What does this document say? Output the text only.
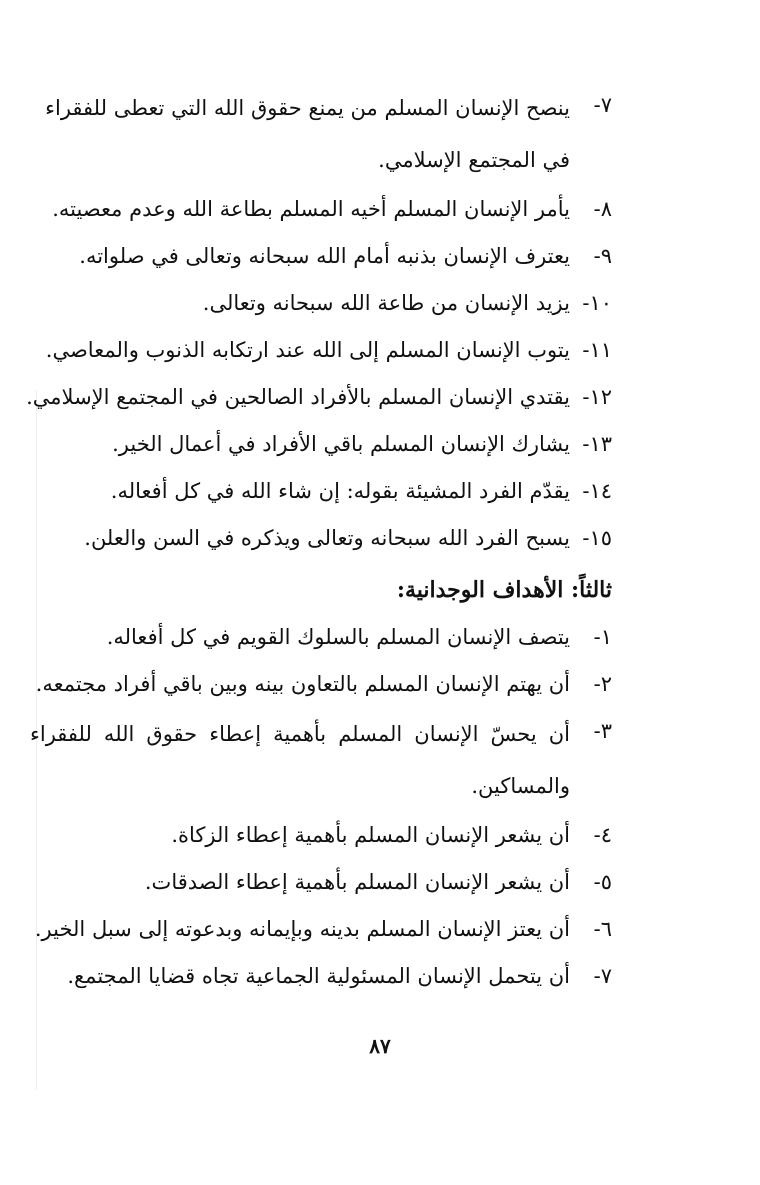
٧-
ينصح الإنسان المسلم من يمنع حقوق الله التي تعطى للفقراء في المجتمع الإسلامي.
٨-
يأمر الإنسان المسلم أخيه المسلم بطاعة الله وعدم معصيته.
٩-
يعترف الإنسان بذنبه أمام الله سبحانه وتعالى في صلواته.
١٠-
يزيد الإنسان من طاعة الله سبحانه وتعالى.
١١-
يتوب الإنسان المسلم إلى الله عند ارتكابه الذنوب والمعاصي.
١٢-
يقتدي الإنسان المسلم بالأفراد الصالحين في المجتمع الإسلامي.
١٣-
يشارك الإنسان المسلم باقي الأفراد في أعمال الخير.
١٤-
يقدّم الفرد المشيئة بقوله: إن شاء الله في كل أفعاله.
١٥-
يسبح الفرد الله سبحانه وتعالى ويذكره في السن والعلن.
ثالثاً: الأهداف الوجدانية:
١-
يتصف الإنسان المسلم بالسلوك القويم في كل أفعاله.
٢-
أن يهتم الإنسان المسلم بالتعاون بينه وبين باقي أفراد مجتمعه.
٣-
أن يحسّ الإنسان المسلم بأهمية إعطاء حقوق الله للفقراء والمساكين.
٤-
أن يشعر الإنسان المسلم بأهمية إعطاء الزكاة.
٥-
أن يشعر الإنسان المسلم بأهمية إعطاء الصدقات.
٦-
أن يعتز الإنسان المسلم بدينه وبإيمانه وبدعوته إلى سبل الخير.
٧-
أن يتحمل الإنسان المسئولية الجماعية تجاه قضايا المجتمع.
٨٧
